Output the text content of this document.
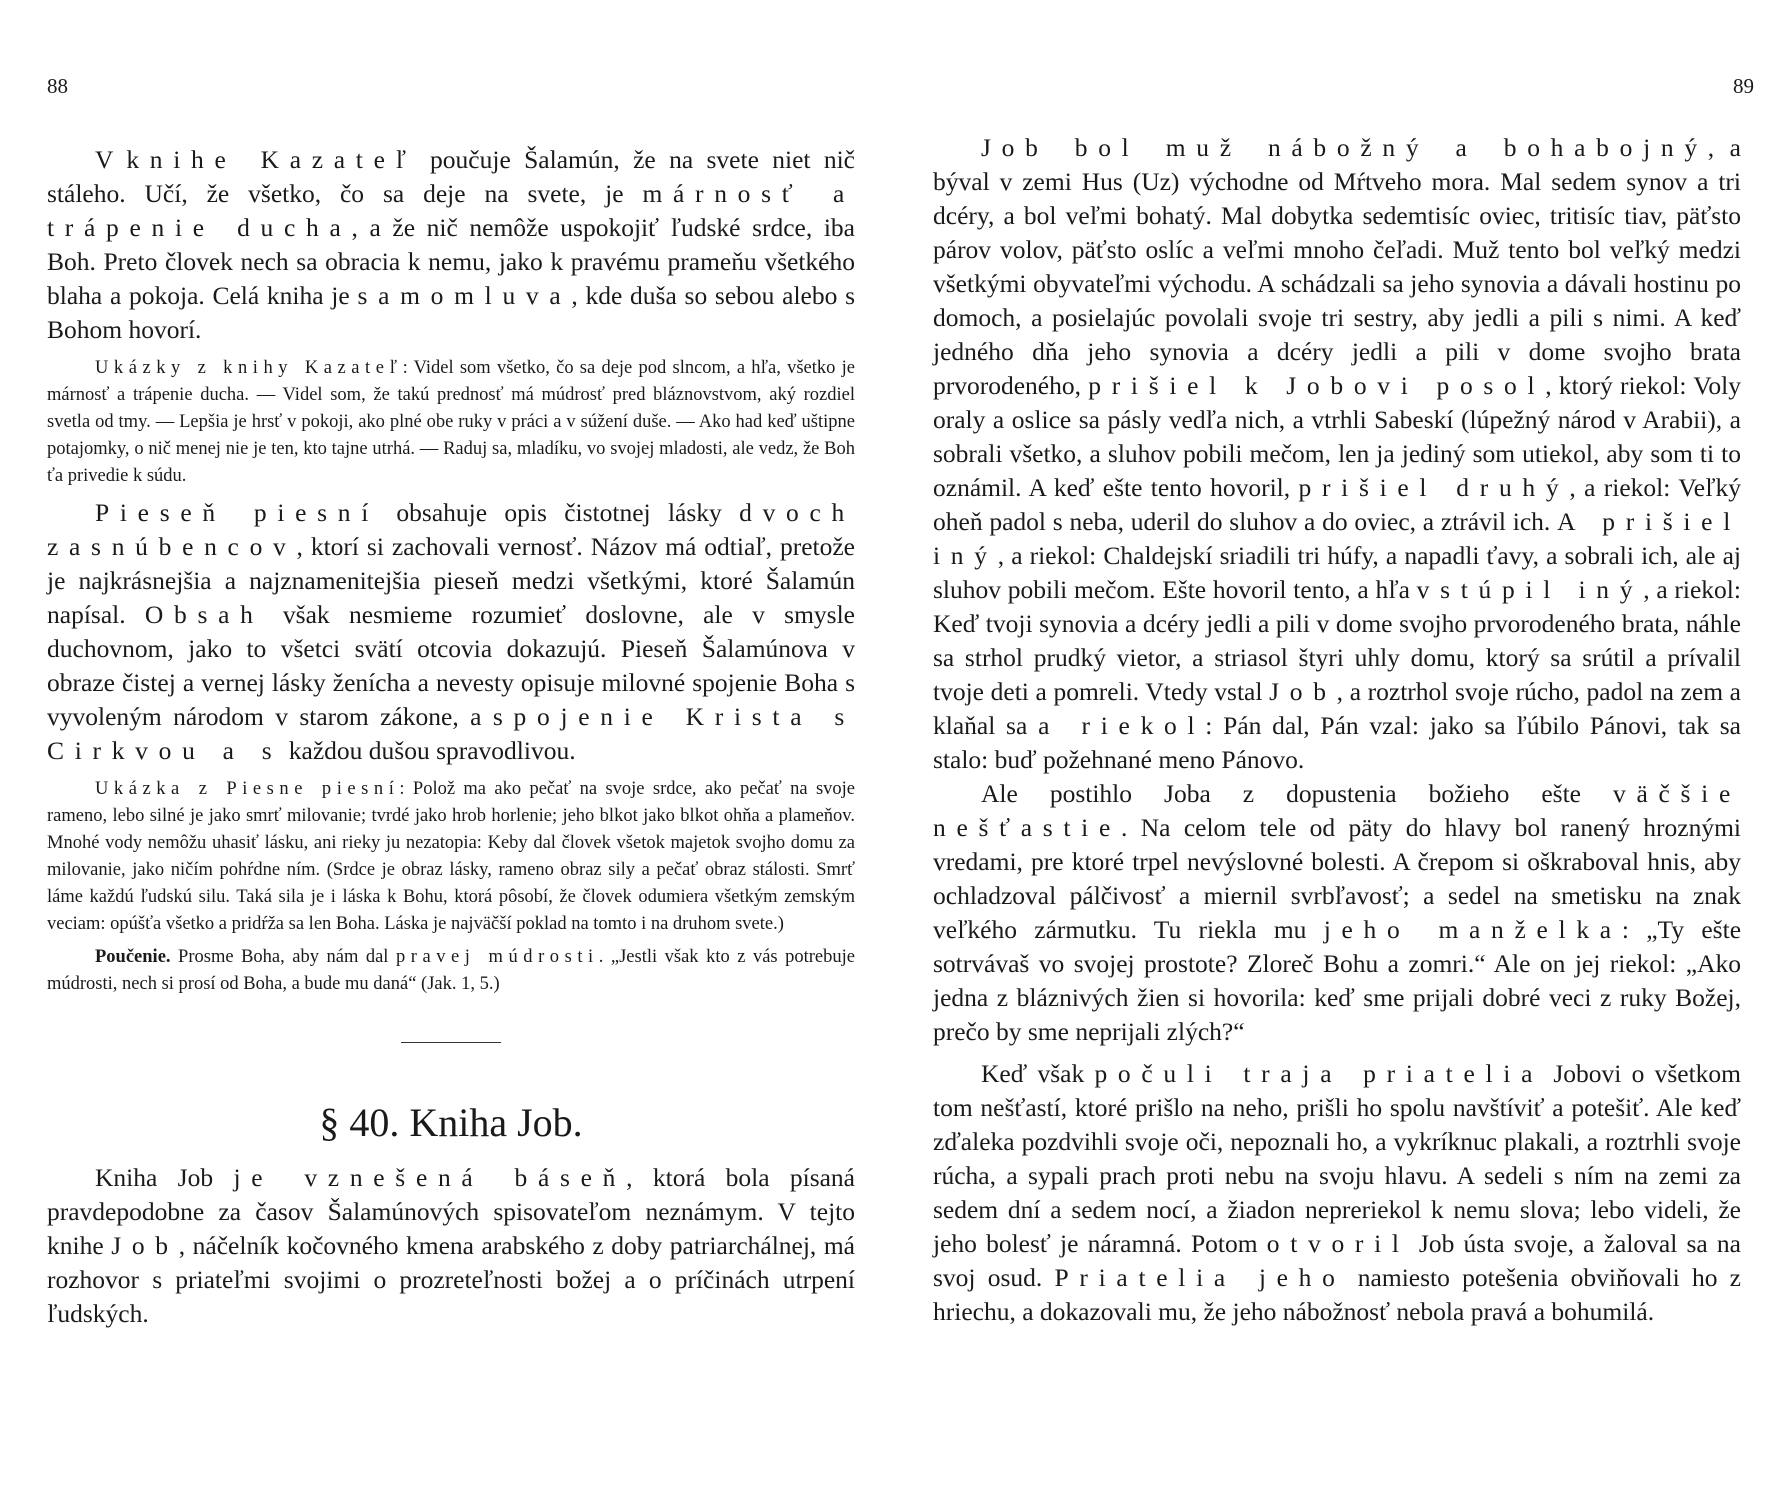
88

V knihe Kazateľ poučuje Šalamún, že na svete niet nič stáleho. Učí, že všetko, čo sa deje na svete, je márnosť a trápenie ducha, a že nič nemôže uspokojiť ľudské srdce, iba Boh. Preto človek nech sa obracia k nemu, jako k pravému prameňu všetkého blaha a pokoja. Celá kniha je samomluva, kde duša so sebou alebo s Bohom hovorí.

Ukázky z knihy Kazateľ: Videl som všetko, čo sa deje pod slncom, a hľa, všetko je márnosť a trápenie ducha. — Videl som, že takú prednosť má múdrosť pred bláznovstvom, aký rozdiel svetla od tmy. — Lepšia je hrsť v pokoji, ako plné obe ruky v práci a v súžení duše. — Ako had keď uštipne potajomky, o nič menej nie je ten, kto tajne utrhá. — Raduj sa, mladíku, vo svojej mladosti, ale vedz, že Boh ťa privedie k súdu.

Pieseň piesní obsahuje opis čistotnej lásky dvoch zasnúbencov, ktorí si zachovali vernosť. Názov má odtiaľ, pretože je najkrásnejšia a najznamenitejšia pieseň medzi všetkými, ktoré Šalamún napísal. Obsah však nesmieme rozumieť doslovne, ale v smysle duchovnom, jako to všetci svätí otcovia dokazujú. Pieseň Šalamúnova v obraze čistej a vernej lásky ženícha a nevesty opisuje milovné spojenie Boha s vyvoleným národom v starom zákone, a spojenie Krista s Cirkvou a s každou dušou spravodlivou.

Ukázka z Piesne piesní: Polož ma ako pečať na svoje srdce, ako pečať na svoje rameno, lebo silné je jako smrť milovanie; tvrdé jako hrob horlenie; jeho blkot jako blkot ohňa a plameňov. Mnohé vody nemôžu uhasiť lásku, ani rieky ju nezatopia: Keby dal človek všetok majetok svojho domu za milovanie, jako ničím pohŕdne ním. (Srdce je obraz lásky, rameno obraz sily a pečať obraz stálosti. Smrť láme každú ľudskú silu. Taká sila je i láska k Bohu, ktorá pôsobí, že človek odumiera všetkým zemským veciam: opúšťa všetko a pridŕža sa len Boha. Láska je najväčší poklad na tomto i na druhom svete.)

Poučenie. Prosme Boha, aby nám dal pravej múdrosti. „Jestli však kto z vás potrebuje múdrosti, nech si prosí od Boha, a bude mu daná“ (Jak. 1, 5.)

§ 40. Kniha Job.

Kniha Job je vznešená báseň, ktorá bola písaná pravdepodobne za časov Šalamúnových spisovateľom neznámym. V tejto knihe Job, náčelník kočovného kmena arabského z doby patriarchálnej, má rozhovor s priateľmi svojimi o prozreteľnosti božej a o príčinách utrpení ľudských.

89

Job bol muž nábožný a bohabojný, a býval v zemi Hus (Uz) východne od Mŕtveho mora. Mal sedem synov a tri dcéry, a bol veľmi bohatý. Mal dobytka sedemtisíc oviec, tritisíc tiav, päťsto párov volov, päťsto oslíc a veľmi mnoho čeľadi. Muž tento bol veľký medzi všetkými obyvateľmi východu. A schádzali sa jeho synovia a dávali hostinu po domoch, a posielajúc povolali svoje tri sestry, aby jedli a pili s nimi. A keď jedného dňa jeho synovia a dcéry jedli a pili v dome svojho brata prvorodeného, prišiel k Jobovi posol, ktorý riekol: Voly oraly a oslice sa pásly vedľa nich, a vtrhli Sabeskí (lúpežný národ v Arabii), a sobrali všetko, a sluhov pobili mečom, len ja jediný som utiekol, aby som ti to oznámil. A keď ešte tento hovoril, prišiel druhý, a riekol: Veľký oheň padol s neba, uderil do sluhov a do oviec, a ztrávil ich. A prišiel iný, a riekol: Chaldejskí sriadili tri húfy, a napadli ťavy, a sobrali ich, ale aj sluhov pobili mečom. Ešte hovoril tento, a hľa vstúpil iný, a riekol: Keď tvoji synovia a dcéry jedli a pili v dome svojho prvorodeného brata, náhle sa strhol prudký vietor, a striasol štyri uhly domu, ktorý sa srútil a prívalil tvoje deti a pomreli. Vtedy vstal Job, a roztrhol svoje rúcho, padol na zem a klaňal sa a riekol: Pán dal, Pán vzal: jako sa ľúbilo Pánovi, tak sa stalo: buď požehnané meno Pánovo.

Ale postihlo Joba z dopustenia božieho ešte väčšie nešťastie. Na celom tele od päty do hlavy bol ranený hroznými vredami, pre ktoré trpel nevýslovné bolesti. A črepom si oškraboval hnis, aby ochladzoval pálčivosť a miernil svrbľavosť; a sedel na smetisku na znak veľkého zármutku. Tu riekla mu jeho manželka: „Ty ešte sotrvávaš vo svojej prostote? Zloreč Bohu a zomri.“ Ale on jej riekol: „Ako jedna z bláznivých žien si hovorila: keď sme prijali dobré veci z ruky Božej, prečo by sme neprijali zlých?“

Keď však počuli traja priatelia Jobovi o všetkom tom nešťastí, ktoré prišlo na neho, prišli ho spolu navštíviť a potešiť. Ale keď zďaleka pozdvihli svoje oči, nepoznali ho, a vykríknuc plakali, a roztrhli svoje rúcha, a sypali prach proti nebu na svoju hlavu. A sedeli s ním na zemi za sedem dní a sedem nocí, a žiadon nepreriekol k nemu slova; lebo videli, že jeho bolesť je náramná. Potom otvoril Job ústa svoje, a žaloval sa na svoj osud. Priatelia jeho namiesto potešenia obviňovali ho z hriechu, a dokazovali mu, že jeho nábožnosť nebola pravá a bohumilá.
